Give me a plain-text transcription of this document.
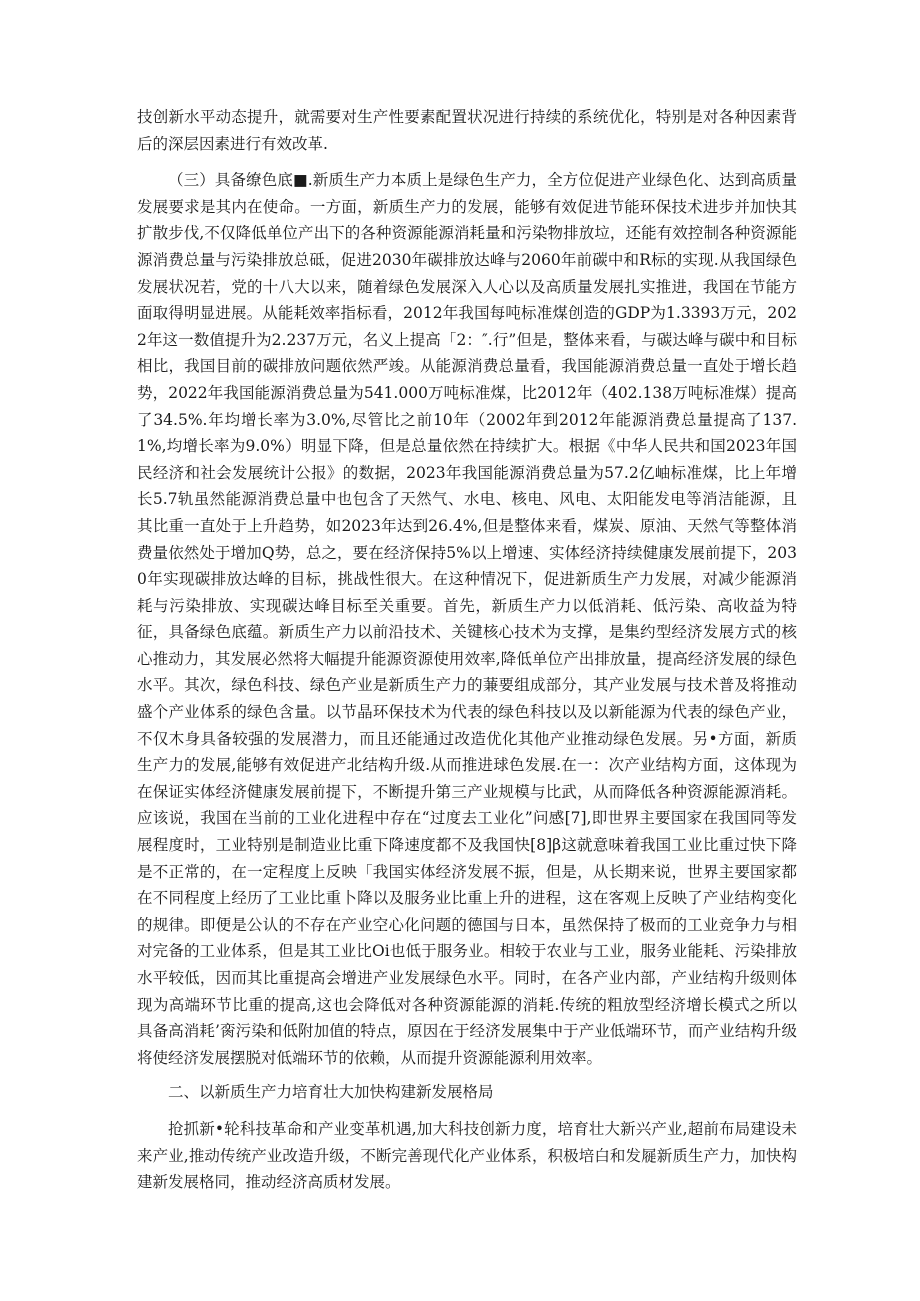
技创新水平动态提升，就需要对生产性要素配置状况进行持续的系统优化，特别是对各种因素背后的深层因素进行有效改革.

（三）具备缭色底■.新质生产力本质上是绿色生产力，全方位促进产业绿色化、达到高质量发展要求是其内在使命。一方面，新质生产力的发展，能够有效促进节能环保技术进步并加快其扩散步伐,不仅降低单位产出下的各种资源能源消耗量和污染物排放垃，还能有效控制各种资源能源消费总量与污染排放总砥，促进2030年碳排放达峰与2060年前碳中和R标的实现.从我国绿色发展状况若，党的十八大以来，随着绿色发展深入人心以及高质量发展扎实推进，我国在节能方面取得明显进展。从能耗效率指标看，2012年我国每吨标准煤创造的GDP为1.3393万元，2022年这一数值提升为2.237万元，名义上提高「2：″.行”但是，整体来看，与碳达峰与碳中和目标相比，我国目前的碳排放问题依然严竣。从能源消费总量看，我国能源消费总量一直处于增长趋势，2022年我国能源消费总量为541.000万吨标准煤，比2012年（402.138万吨标准煤）提高了34.5%.年均增长率为3.0%,尽管比之前10年（2002年到2012年能源消费总量提高了137.1%,均增长率为9.0%）明显下降，但是总量依然在持续扩大。根据《中华人民共和国2023年国民经济和社会发展统计公报》的数据，2023年我国能源消费总量为57.2亿岫标准煤，比上年增长5.7轨虽然能源消费总量中也包含了天然气、水电、核电、风电、太阳能发电等消洁能源，且其比重一直处于上升趋势，如2023年达到26.4%,但是整体来看，煤炭、原油、天然气等整体消费量依然处于增加Q势，总之，要在经济保持5%以上增速、实体经济持续健康发展前提下，2030年实现碳排放达峰的目标，挑战性很大。在这种情况下，促进新质生产力发展，对减少能源消耗与污染排放、实现碳达峰目标至关重要。首先，新质生产力以低消耗、低污染、高收益为特征，具备绿色底蕴。新质生产力以前沿技术、关键核心技术为支撑，是集约型经济发展方式的核心推动力，其发展必然将大幅提升能源资源使用效率,降低单位产出排放量，提高经济发展的绿色水平。其次，绿色科技、绿色产业是新质生产力的蒹要组成部分，其产业发展与技术普及将推动盛个产业体系的绿色含量。以节晶环保技术为代表的绿色科技以及以新能源为代表的绿色产业，不仅木身具备较强的发展潜力，而且还能通过改造优化其他产业推动绿色发展。另•方面，新质生产力的发展,能够有效促进产北结构升级.从而推进球色发展.在一：次产业结构方面，这体现为在保证实体经济健康发展前提下，不断提升第三产业规模与比武，从而降低各种资源能源消耗。应该说，我国在当前的工业化进程中存在“过度去工业化”问感[7],即世界主要国家在我国同等发展程度时，工业特别是制造业比重下降速度都不及我国快[8]β这就意味着我国工业比重过快下降是不正常的，在一定程度上反映「我国实体经济发展不振，但是，从长期来说，世界主要国家都在不同程度上经历了工业比重卜降以及服务业比重上升的进程，这在客观上反映了产业结构变化的规律。即便是公认的不存在产业空心化问题的德国与日本，虽然保持了极而的工业竞争力与相对完备的工业体系，但是其工业比Oi也低于服务业。相较于农业与工业，服务业能耗、污染排放水平较低，因而其比重提高会增进产业发展绿色水平。同时，在各产业内部，产业结构升级则体现为高端环节比重的提高,这也会降低对各种资源能源的消耗.传统的粗放型经济增长模式之所以具备高消耗’脔污染和低附加值的特点，原因在于经济发展集中于产业低端环节，而产业结构升级将使经济发展摆脱对低端环节的依赖，从而提升资源能源利用效率。

二、以新质生产力培育壮大加快构建新发展格局

抢抓新•轮科技革命和产业变革机遇,加大科技创新力度，培育壮大新兴产业,超前布局建设未来产业,推动传统产业改造升级，不断完善现代化产业体系，积极培白和发屣新质生产力，加快构建新发展格同，推动经济高质材发展。
